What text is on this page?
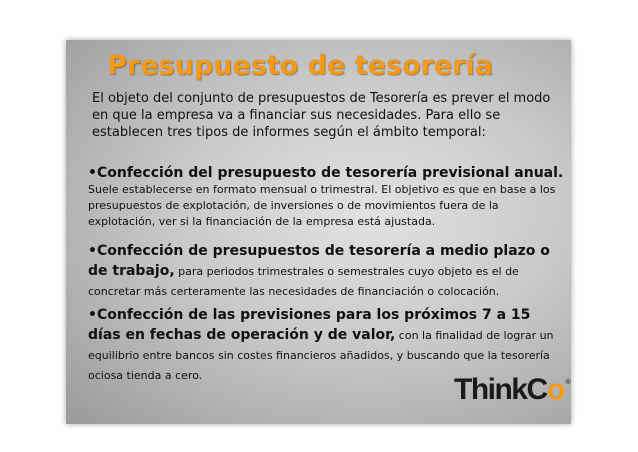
Presupuesto de tesorería

El objeto del conjunto de presupuestos de Tesorería es prever el modo en que la empresa va a financiar sus necesidades. Para ello se establecen tres tipos de informes según el ámbito temporal:

•Confección del presupuesto de tesorería previsional anual.
Suele establecerse en formato mensual o trimestral. El objetivo es que en base a los presupuestos de explotación, de inversiones o de movimientos fuera de la explotación, ver si la financiación de la empresa está ajustada.
•Confección de presupuestos de tesorería a medio plazo o de trabajo, para periodos trimestrales o semestrales cuyo objeto es el de concretar más certeramente las necesidades de financiación o colocación.
•Confección de las previsiones para los próximos 7 a 15 días en fechas de operación y de valor, con la finalidad de lograr un equilibrio entre bancos sin costes financieros añadidos, y buscando que la tesorería ociosa tienda a cero.	ThinkCo ®
